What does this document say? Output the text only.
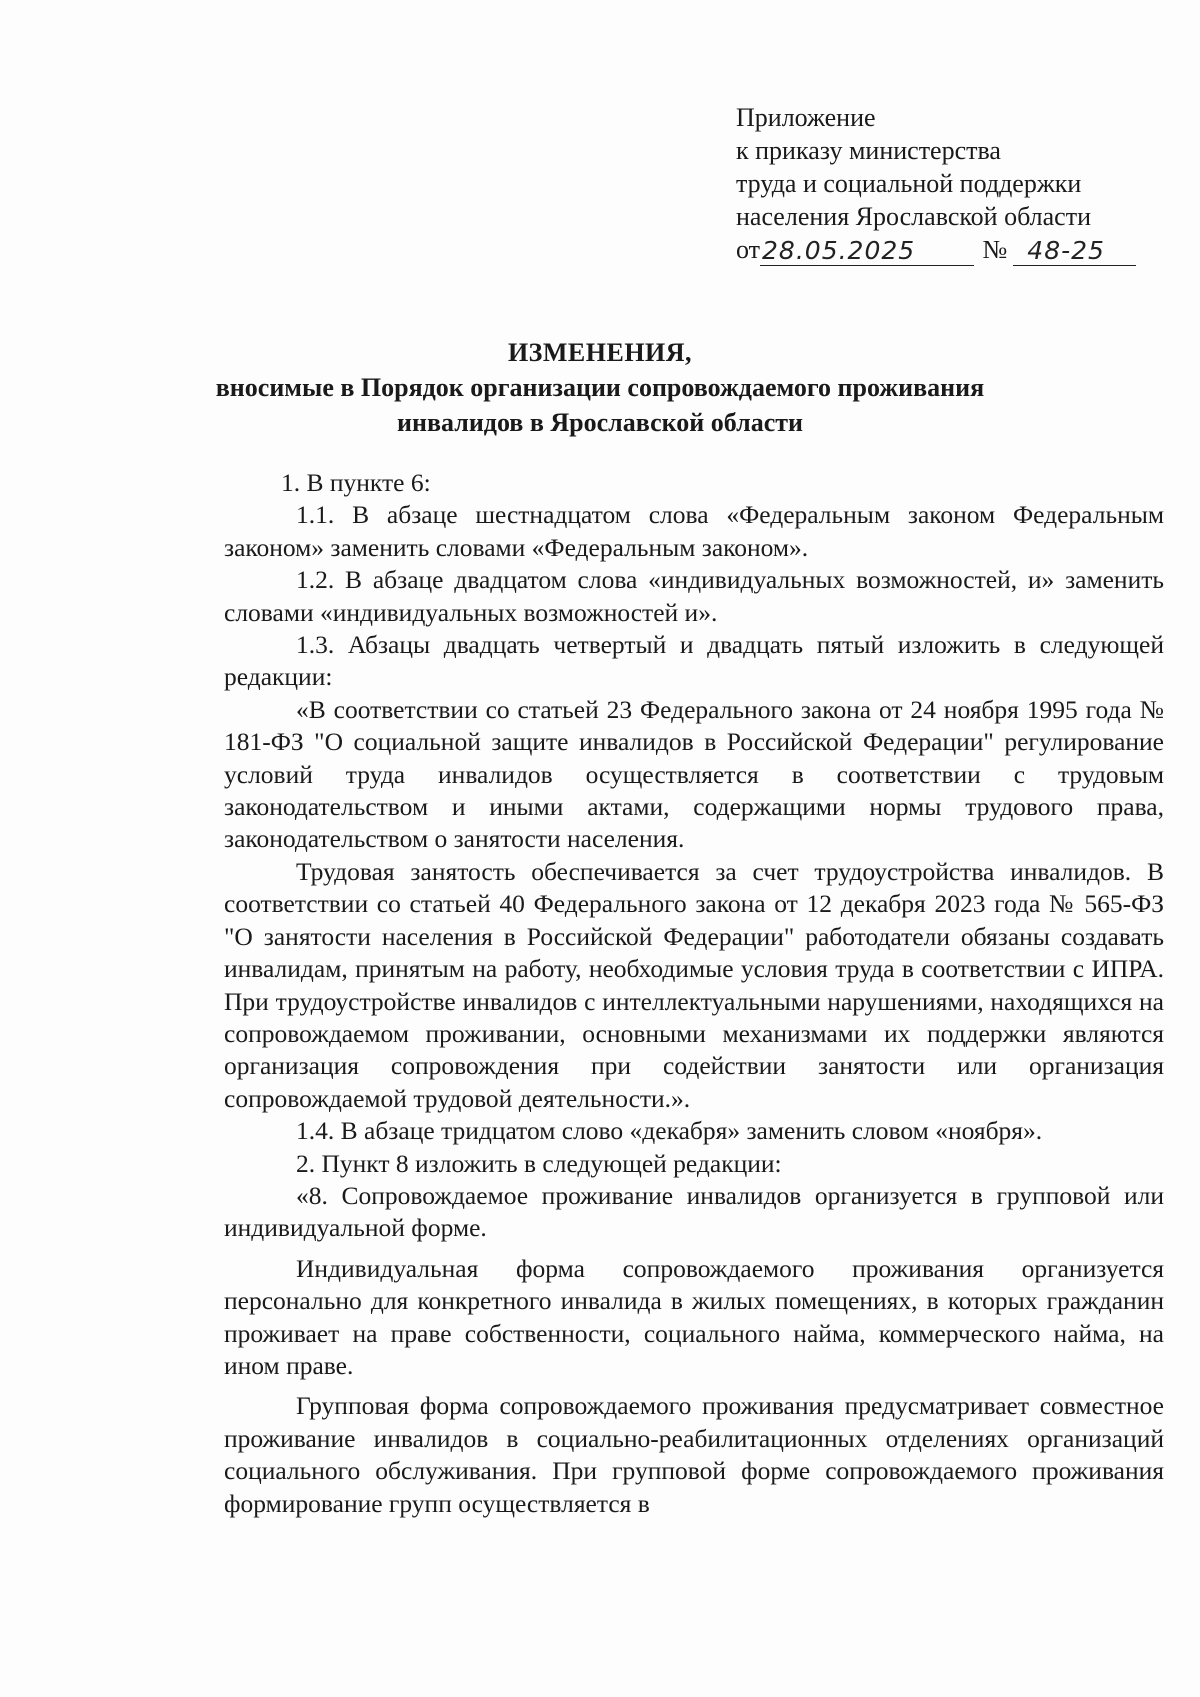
Приложение
к приказу министерства
труда и социальной поддержки
населения Ярославской области
от 28.05.2025	№ 48-25
ИЗМЕНЕНИЯ,
вносимые в Порядок организации сопровождаемого проживания
инвалидов в Ярославской области

1. В пункте 6:

1.1. В абзаце шестнадцатом слова «Федеральным законом Федеральным законом» заменить словами «Федеральным законом».

1.2. В абзаце двадцатом слова «индивидуальных возможностей, и» заменить словами «индивидуальных возможностей и».

1.3. Абзацы двадцать четвертый и двадцать пятый изложить в следующей редакции:

«В соответствии со статьей 23 Федерального закона от 24 ноября 1995 года № 181-ФЗ "О социальной защите инвалидов в Российской Федерации" регулирование условий труда инвалидов осуществляется в соответствии с трудовым законодательством и иными актами, содержащими нормы трудового права, законодательством о занятости населения.

Трудовая занятость обеспечивается за счет трудоустройства инвалидов. В соответствии со статьей 40 Федерального закона от 12 декабря 2023 года № 565-ФЗ "О занятости населения в Российской Федерации" работодатели обязаны создавать инвалидам, принятым на работу, необходимые условия труда в соответствии с ИПРА. При трудоустройстве инвалидов с интеллектуальными нарушениями, находящихся на сопровождаемом проживании, основными механизмами их поддержки являются организация сопровождения при содействии занятости или организация сопровождаемой трудовой деятельности.».

1.4. В абзаце тридцатом слово «декабря» заменить словом «ноября».

2. Пункт 8 изложить в следующей редакции:

«8. Сопровождаемое проживание инвалидов организуется в групповой или индивидуальной форме.

Индивидуальная форма сопровождаемого проживания организуется персонально для конкретного инвалида в жилых помещениях, в которых гражданин проживает на праве собственности, социального найма, коммерческого найма, на ином праве.

Групповая форма сопровождаемого проживания предусматривает совместное проживание инвалидов в социально-реабилитационных отделениях организаций социального обслуживания. При групповой форме сопровождаемого проживания формирование групп осуществляется в
